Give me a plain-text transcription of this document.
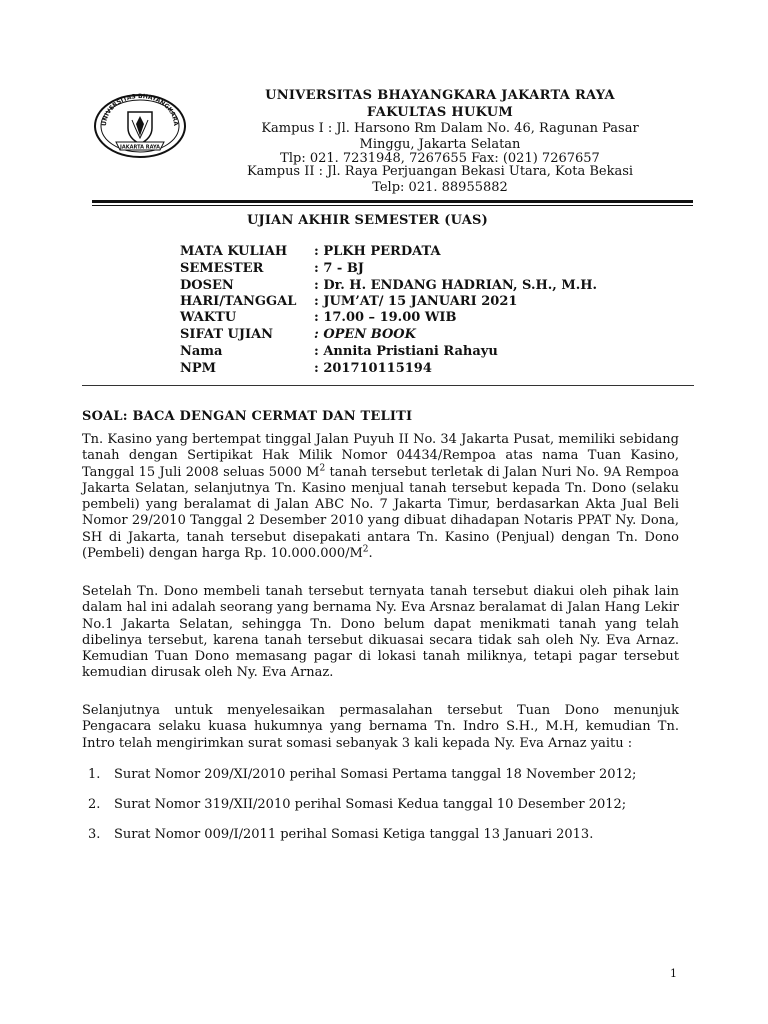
UNIVERSITAS BHAYANGKARA
JAKARTA RAYA
UNIVERSITAS BHAYANGKARA JAKARTA RAYA
FAKULTAS HUKUM
Kampus I : Jl. Harsono Rm Dalam No. 46, Ragunan Pasar
Minggu, Jakarta Selatan
Tlp: 021. 7231948, 7267655 Fax: (021) 7267657
Kampus II : Jl. Raya Perjuangan Bekasi Utara, Kota Bekasi
Telp: 021. 88955882
UJIAN AKHIR SEMESTER (UAS)
MATA KULIAH : PLKH PERDATA
SEMESTER	: 7 - BJ
DOSEN	: Dr. H. ENDANG HADRIAN, S.H., M.H.
HARI/TANGGAL : JUM’AT/ 15 JANUARI 2021
WAKTU	: 17.00 – 19.00 WIB
SIFAT UJIAN	: OPEN BOOK
Nama	: Annita Pristiani Rahayu
NPM	: 201710115194
SOAL: BACA DENGAN CERMAT DAN TELITI
Tn. Kasino yang bertempat tinggal Jalan Puyuh II No. 34 Jakarta Pusat, memiliki sebidang tanah dengan Sertipikat Hak Milik Nomor 04434/Rempoa atas nama Tuan Kasino, Tanggal 15 Juli 2008 seluas 5000 $M^2$ tanah tersebut terletak di Jalan Nuri No. 9A Rempoa Jakarta Selatan, selanjutnya Tn. Kasino menjual tanah tersebut kepada Tn. Dono (selaku pembeli) yang beralamat di Jalan ABC No. 7 Jakarta Timur, berdasarkan Akta Jual Beli Nomor 29/2010 Tanggal 2 Desember 2010 yang dibuat dihadapan Notaris PPAT Ny. Dona, SH di Jakarta, tanah tersebut disepakati antara Tn. Kasino (Penjual) dengan Tn. Dono (Pembeli) dengan harga Rp. $10.000.000/M^2$.
Setelah Tn. Dono membeli tanah tersebut ternyata tanah tersebut diakui oleh pihak lain dalam hal ini adalah seorang yang bernama Ny. Eva Arsnaz beralamat di Jalan Hang Lekir No.1 Jakarta Selatan, sehingga Tn. Dono belum dapat menikmati tanah yang telah dibelinya tersebut, karena tanah tersebut dikuasai secara tidak sah oleh Ny. Eva Arnaz. Kemudian Tuan Dono memasang pagar di lokasi tanah miliknya, tetapi pagar tersebut kemudian dirusak oleh Ny. Eva Arnaz.
Selanjutnya untuk menyelesaikan permasalahan tersebut Tuan Dono menunjuk Pengacara selaku kuasa hukumnya yang bernama Tn. Indro S.H., M.H, kemudian Tn. Intro telah mengirimkan surat somasi sebanyak 3 kali kepada Ny. Eva Arnaz yaitu :
1. Surat Nomor 209/XI/2010 perihal Somasi Pertama tanggal 18 November 2012;
2. Surat Nomor 319/XII/2010 perihal Somasi Kedua tanggal 10 Desember 2012;
3. Surat Nomor 009/I/2011 perihal Somasi Ketiga tanggal 13 Januari 2013.
1
